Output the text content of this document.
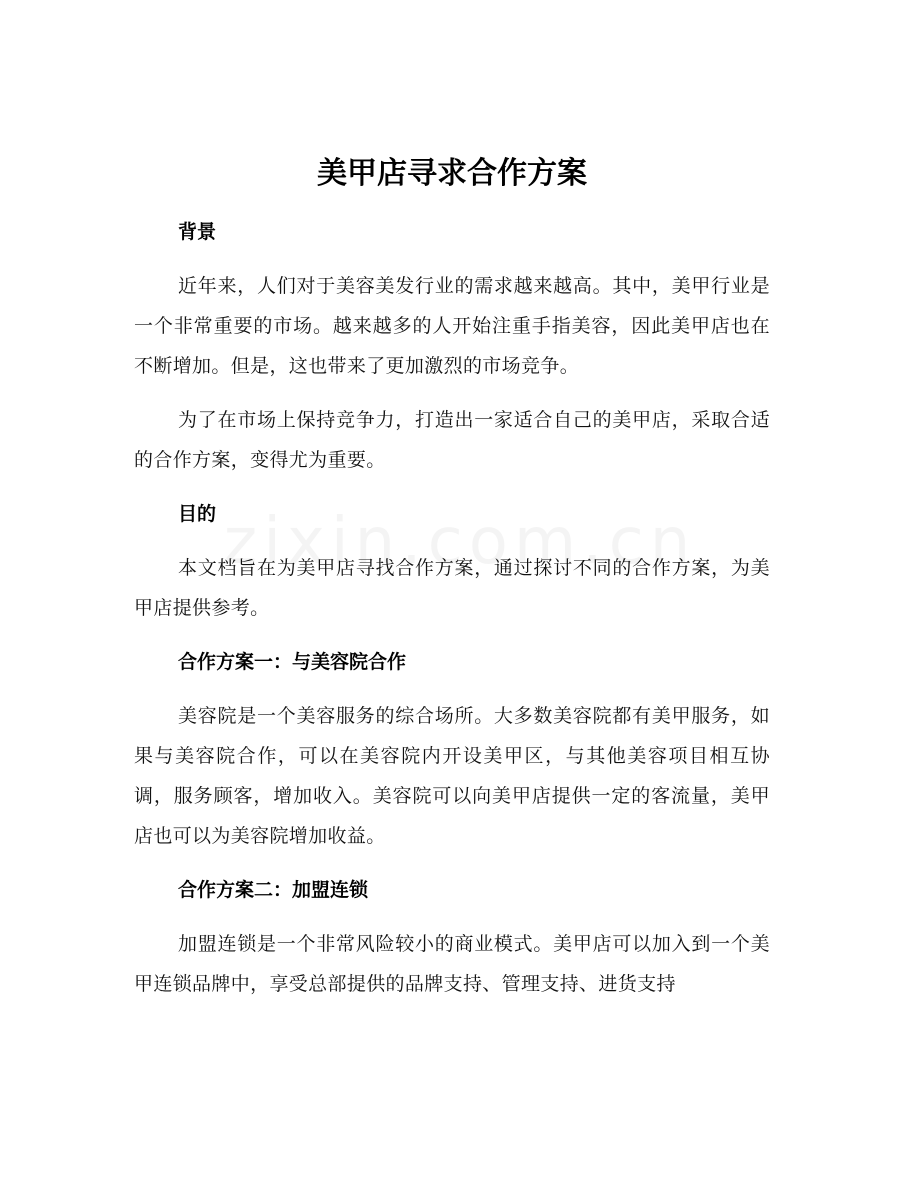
美甲店寻求合作方案
背景

近年来，人们对于美容美发行业的需求越来越高。其中，美甲行业是一个非常重要的市场。越来越多的人开始注重手指美容，因此美甲店也在不断增加。但是，这也带来了更加激烈的市场竞争。

为了在市场上保持竞争力，打造出一家适合自己的美甲店，采取合适的合作方案，变得尤为重要。

目的

本文档旨在为美甲店寻找合作方案，通过探讨不同的合作方案，为美甲店提供参考。

合作方案一：与美容院合作

美容院是一个美容服务的综合场所。大多数美容院都有美甲服务，如果与美容院合作，可以在美容院内开设美甲区，与其他美容项目相互协调，服务顾客，增加收入。美容院可以向美甲店提供一定的客流量，美甲店也可以为美容院增加收益。

合作方案二：加盟连锁

加盟连锁是一个非常风险较小的商业模式。美甲店可以加入到一个美甲连锁品牌中，享受总部提供的品牌支持、管理支持、进货支持
